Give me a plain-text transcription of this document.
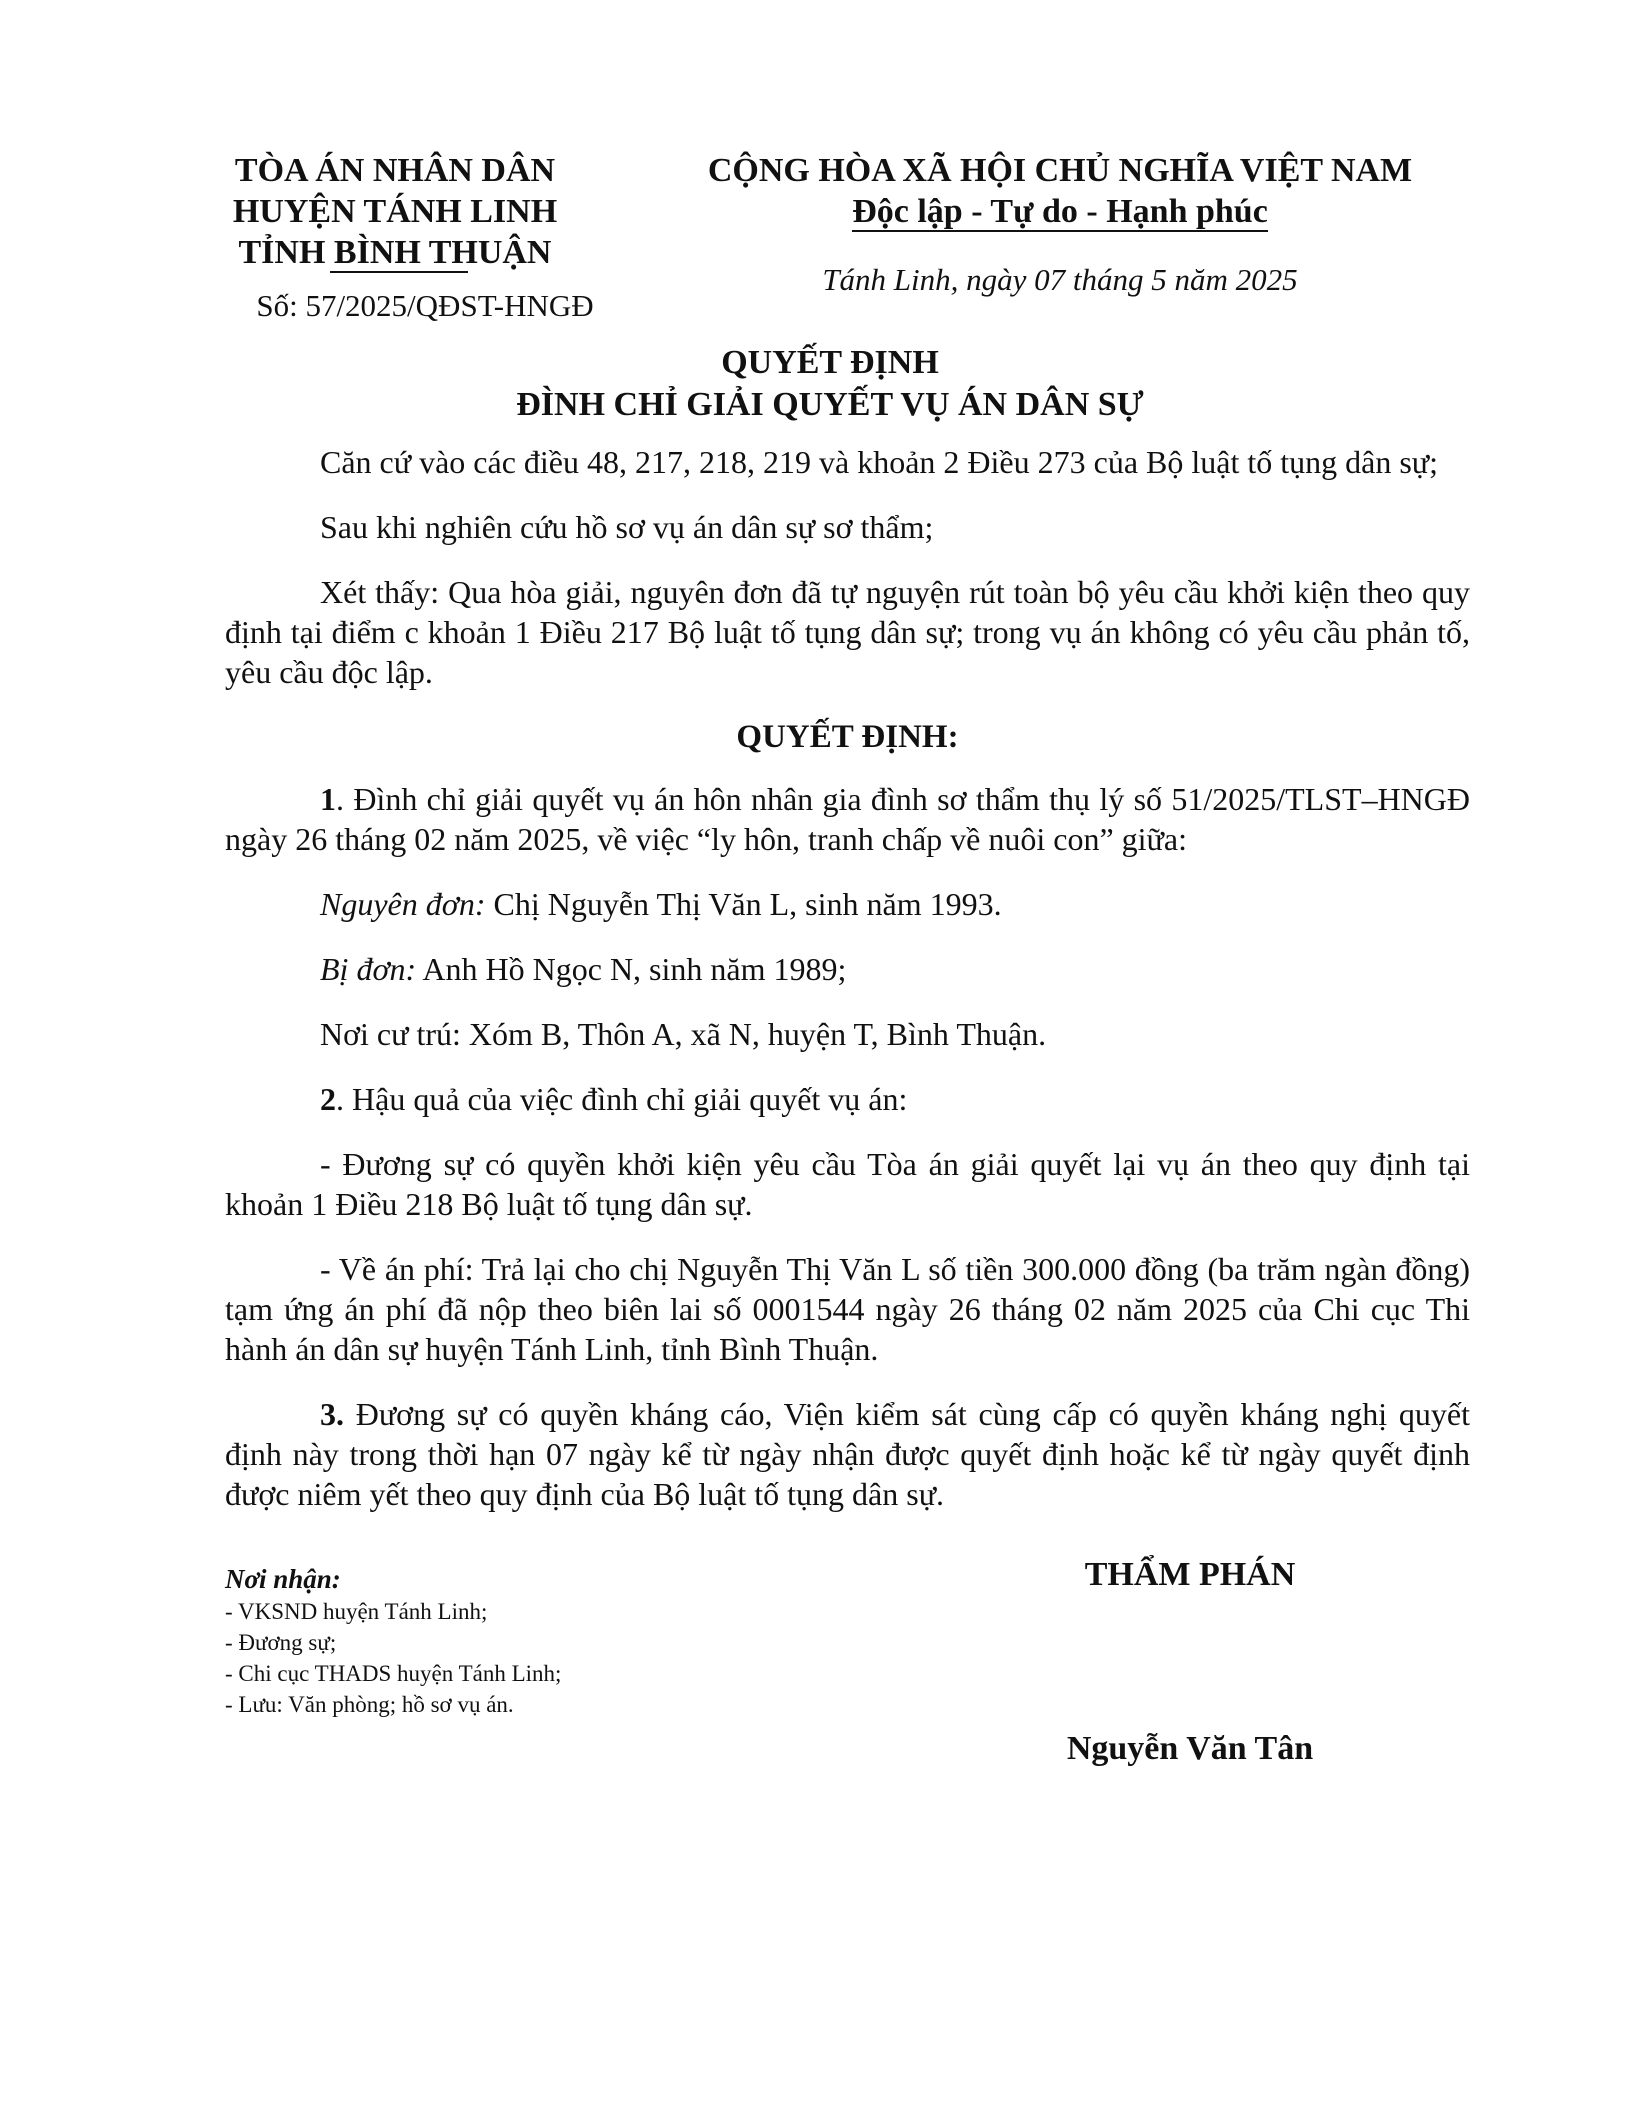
TÒA ÁN NHÂN DÂN
HUYỆN TÁNH LINH
TỈNH BÌNH THUẬN
Số: 57/2025/QĐST-HNGĐ
CỘNG HÒA XÃ HỘI CHỦ NGHĨA VIỆT NAM
Độc lập - Tự do - Hạnh phúc
Tánh Linh, ngày 07 tháng 5 năm 2025
QUYẾT ĐỊNH
ĐÌNH CHỈ GIẢI QUYẾT VỤ ÁN DÂN SỰ

Căn cứ vào các điều 48, 217, 218, 219 và khoản 2 Điều 273 của Bộ luật tố tụng dân sự;

Sau khi nghiên cứu hồ sơ vụ án dân sự sơ thẩm;

Xét thấy: Qua hòa giải, nguyên đơn đã tự nguyện rút toàn bộ yêu cầu khởi kiện theo quy định tại điểm c khoản 1 Điều 217 Bộ luật tố tụng dân sự; trong vụ án không có yêu cầu phản tố, yêu cầu độc lập.

QUYẾT ĐỊNH:

1. Đình chỉ giải quyết vụ án hôn nhân gia đình sơ thẩm thụ lý số 51/2025/TLST–HNGĐ ngày 26 tháng 02 năm 2025, về việc “ly hôn, tranh chấp về nuôi con” giữa:

Nguyên đơn: Chị Nguyễn Thị Văn L, sinh năm 1993.

Bị đơn: Anh Hồ Ngọc N, sinh năm 1989;

Nơi cư trú: Xóm B, Thôn A, xã N, huyện T, Bình Thuận.

2. Hậu quả của việc đình chỉ giải quyết vụ án:

- Đương sự có quyền khởi kiện yêu cầu Tòa án giải quyết lại vụ án theo quy định tại khoản 1 Điều 218 Bộ luật tố tụng dân sự.

- Về án phí: Trả lại cho chị Nguyễn Thị Văn L số tiền 300.000 đồng (ba trăm ngàn đồng) tạm ứng án phí đã nộp theo biên lai số 0001544 ngày 26 tháng 02 năm 2025 của Chi cục Thi hành án dân sự huyện Tánh Linh, tỉnh Bình Thuận.

3. Đương sự có quyền kháng cáo, Viện kiểm sát cùng cấp có quyền kháng nghị quyết định này trong thời hạn 07 ngày kể từ ngày nhận được quyết định hoặc kể từ ngày quyết định được niêm yết theo quy định của Bộ luật tố tụng dân sự.

Nơi nhận:
- VKSND huyện Tánh Linh;
- Đương sự;
- Chi cục THADS huyện Tánh Linh;
- Lưu: Văn phòng; hồ sơ vụ án.
THẨM PHÁN
Nguyễn Văn Tân
